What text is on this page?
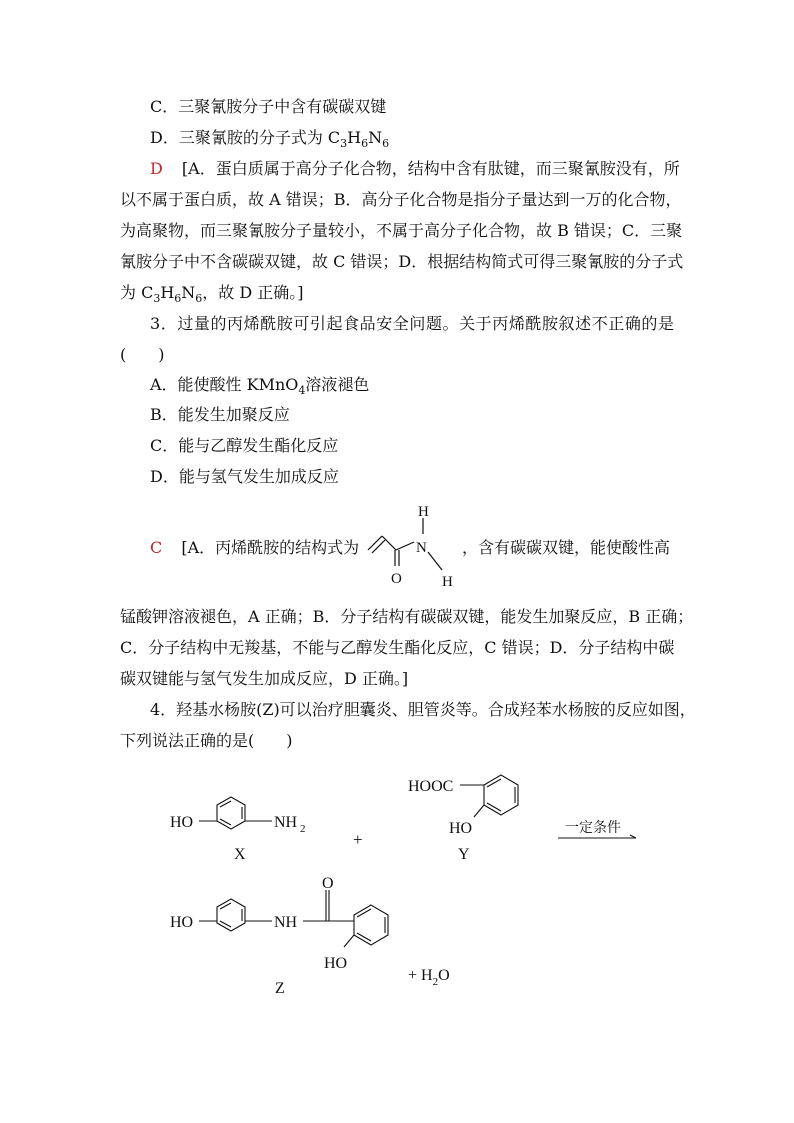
C．三聚氰胺分子中含有碳碳双键
D．三聚氰胺的分子式为 $C_3H_6N_6$
D [A．蛋白质属于高分子化合物，结构中含有肽键，而三聚氰胺没有，所
以不属于蛋白质，故 A 错误；B．高分子化合物是指分子量达到一万的化合物，
为高聚物，而三聚氰胺分子量较小，不属于高分子化合物，故 B 错误；C．三聚
氰胺分子中不含碳碳双键，故 C 错误；D．根据结构简式可得三聚氰胺的分子式
为 $C_3H_6N_6$，故 D 正确。]
3．过量的丙烯酰胺可引起食品安全问题。关于丙烯酰胺叙述不正确的是
(　　)
A．能使酸性 KMnO$_4$溶液褪色
B．能发生加聚反应
C．能与乙醇发生酯化反应
D．能与氢气发生加成反应
C [A．丙烯酰胺的结构式为	，含有碳碳双键，能使酸性高
H
N
O	H
锰酸钾溶液褪色，A 正确；B．分子结构有碳碳双键，能发生加聚反应，B 正确；
C．分子结构中无羧基，不能与乙醇发生酯化反应，C 错误；D．分子结构中碳
碳双键能与氢气发生加成反应，D 正确。]
4．羟基水杨胺(Z)可以治疗胆囊炎、胆管炎等。合成羟苯水杨胺的反应如图，
下列说法正确的是(　　)
HO	NH 2
X
+
HOOC
HO
Y
一定条件
HO	NH
O
HO
Z
+ $H_2O$
